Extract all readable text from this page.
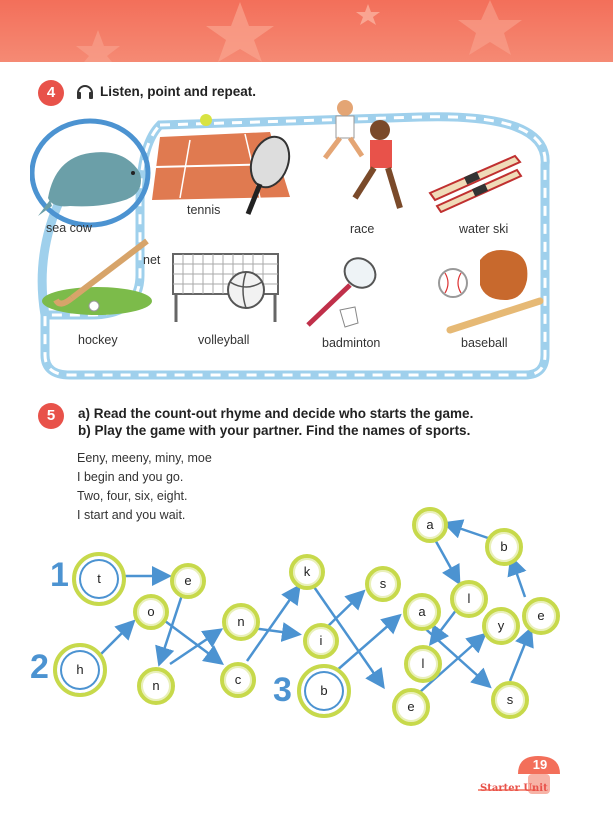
4	Listen, point and repeat.
sea cow
tennis
race	water ski
hockey
net
volleyball	badminton	baseball
5	a) Read the count-out rhyme and decide who starts the game.
b) Play the game with your partner. Find the names of sports.
Eeny, meeny, miny, moe
I begin and you go.
Two, four, six, eight.
I start and you wait.
1
2
3
t	e
o
h
n
n
c
k
i
s
b
a
l
e
a
b
l
y
e
s
19
Starter Unit
